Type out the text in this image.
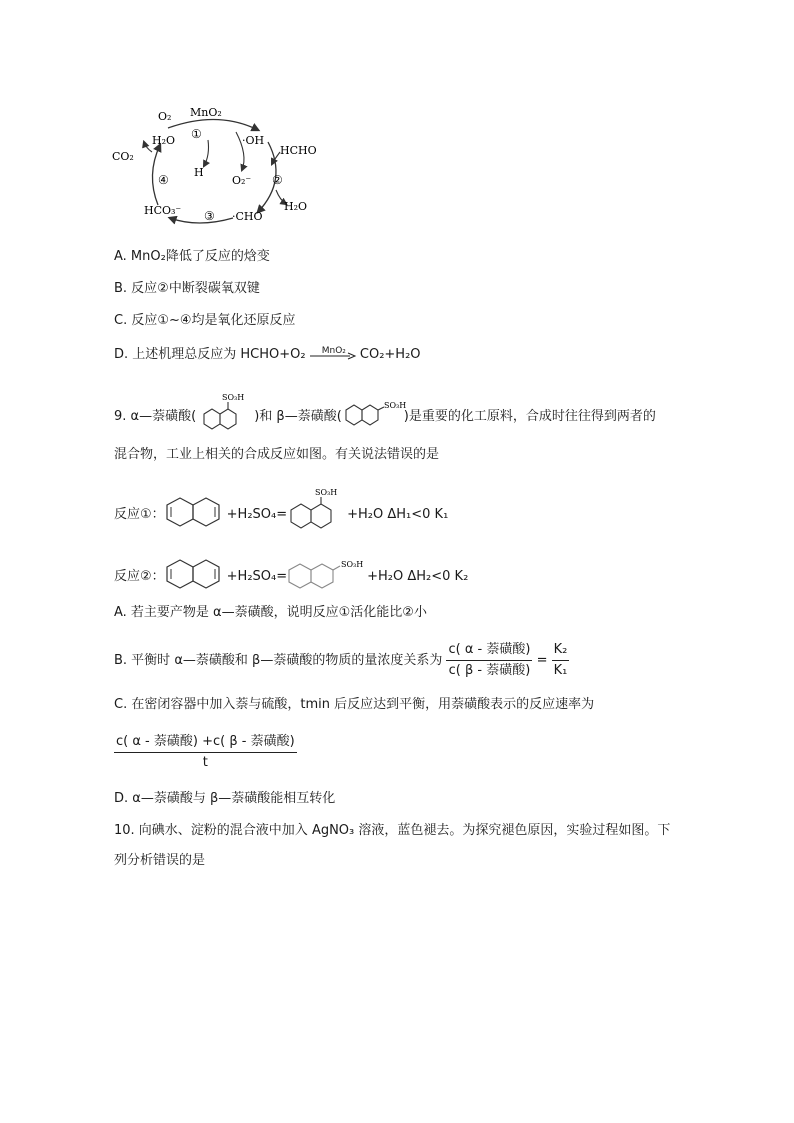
O₂ MnO₂
H₂O ①	·OH
HCHO
CO₂
H
O₂⁻ ②
④
H₂O
HCO₃⁻ ③ ·CHO
A. MnO₂降低了反应的焓变
B. 反应②中断裂碳氧双键
C. 反应①~④均是氧化还原反应
D. 上述机理总反应为 HCHO+O₂ MnO₂ CO₂+H₂O
9. α—萘磺酸(
SO₃H
)和 β—萘磺酸(
SO₃H
)是重要的化工原料，合成时往往得到两者的
混合物，工业上相关的合成反应如图。有关说法错误的是
反应①：	+H₂SO₄=
SO₃H
+H₂O ΔH₁<0 K₁
反应②：	+H₂SO₄=
SO₃H
+H₂O ΔH₂<0 K₂
A. 若主要产物是 α—萘磺酸，说明反应①活化能比②小
B. 平衡时 α—萘磺酸和 β—萘磺酸的物质的量浓度关系为 $\frac{\text{c( α - 萘磺酸)}}{\text{c( β - 萘磺酸)}} = \frac{\text{K₂}}{\text{K₁}}$
C. 在密闭容器中加入萘与硫酸，tmin 后反应达到平衡，用萘磺酸表示的反应速率为
$\frac{\text{c( α - 萘磺酸) +c( β - 萘磺酸)}}{t}$
D. α—萘磺酸与 β—萘磺酸能相互转化
10. 向碘水、淀粉的混合液中加入 AgNO₃ 溶液，蓝色褪去。为探究褪色原因，实验过程如图。下
列分析错误的是
